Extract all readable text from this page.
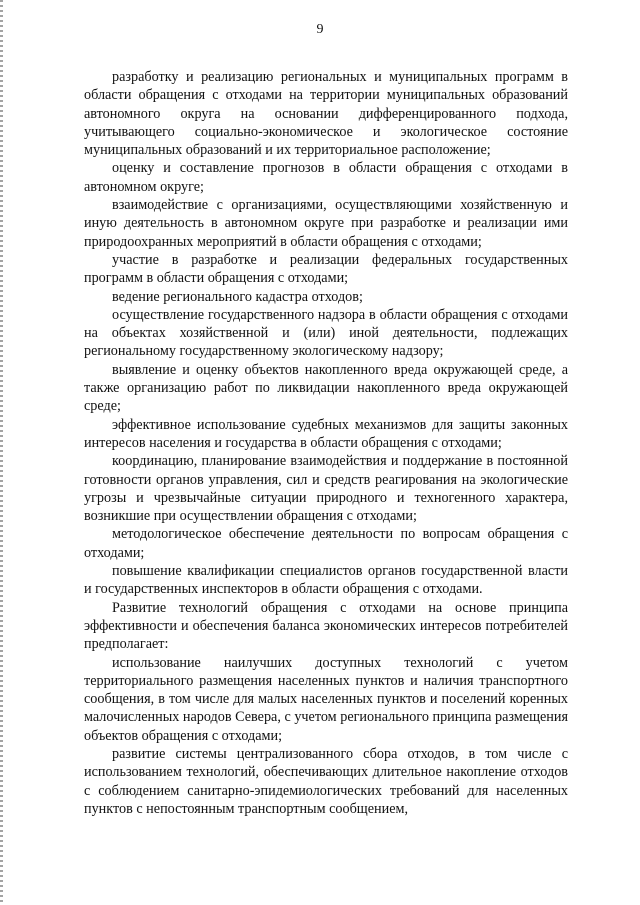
9

разработку и реализацию региональных и муниципальных программ в области обращения с отходами на территории муниципальных образований автономного округа на основании дифференцированного подхода, учитывающего социально-экономическое и экологическое состояние муниципальных образований и их территориальное расположение;

оценку и составление прогнозов в области обращения с отходами в автономном округе;

взаимодействие с организациями, осуществляющими хозяйственную и иную деятельность в автономном округе при разработке и реализации ими природоохранных мероприятий в области обращения с отходами;

участие в разработке и реализации федеральных государственных программ в области обращения с отходами;

ведение регионального кадастра отходов;

осуществление государственного надзора в области обращения с отходами на объектах хозяйственной и (или) иной деятельности, подлежащих региональному государственному экологическому надзору;

выявление и оценку объектов накопленного вреда окружающей среде, а также организацию работ по ликвидации накопленного вреда окружающей среде;

эффективное использование судебных механизмов для защиты законных интересов населения и государства в области обращения с отходами;

координацию, планирование взаимодействия и поддержание в постоянной готовности органов управления, сил и средств реагирования на экологические угрозы и чрезвычайные ситуации природного и техногенного характера, возникшие при осуществлении обращения с отходами;

методологическое обеспечение деятельности по вопросам обращения с отходами;

повышение квалификации специалистов органов государственной власти и государственных инспекторов в области обращения с отходами.

Развитие технологий обращения с отходами на основе принципа эффективности и обеспечения баланса экономических интересов потребителей предполагает:

использование наилучших доступных технологий с учетом территориального размещения населенных пунктов и наличия транспортного сообщения, в том числе для малых населенных пунктов и поселений коренных малочисленных народов Севера, с учетом регионального принципа размещения объектов обращения с отходами;

развитие системы централизованного сбора отходов, в том числе с использованием технологий, обеспечивающих длительное накопление отходов с соблюдением санитарно-эпидемиологических требований для населенных пунктов с непостоянным транспортным сообщением,
